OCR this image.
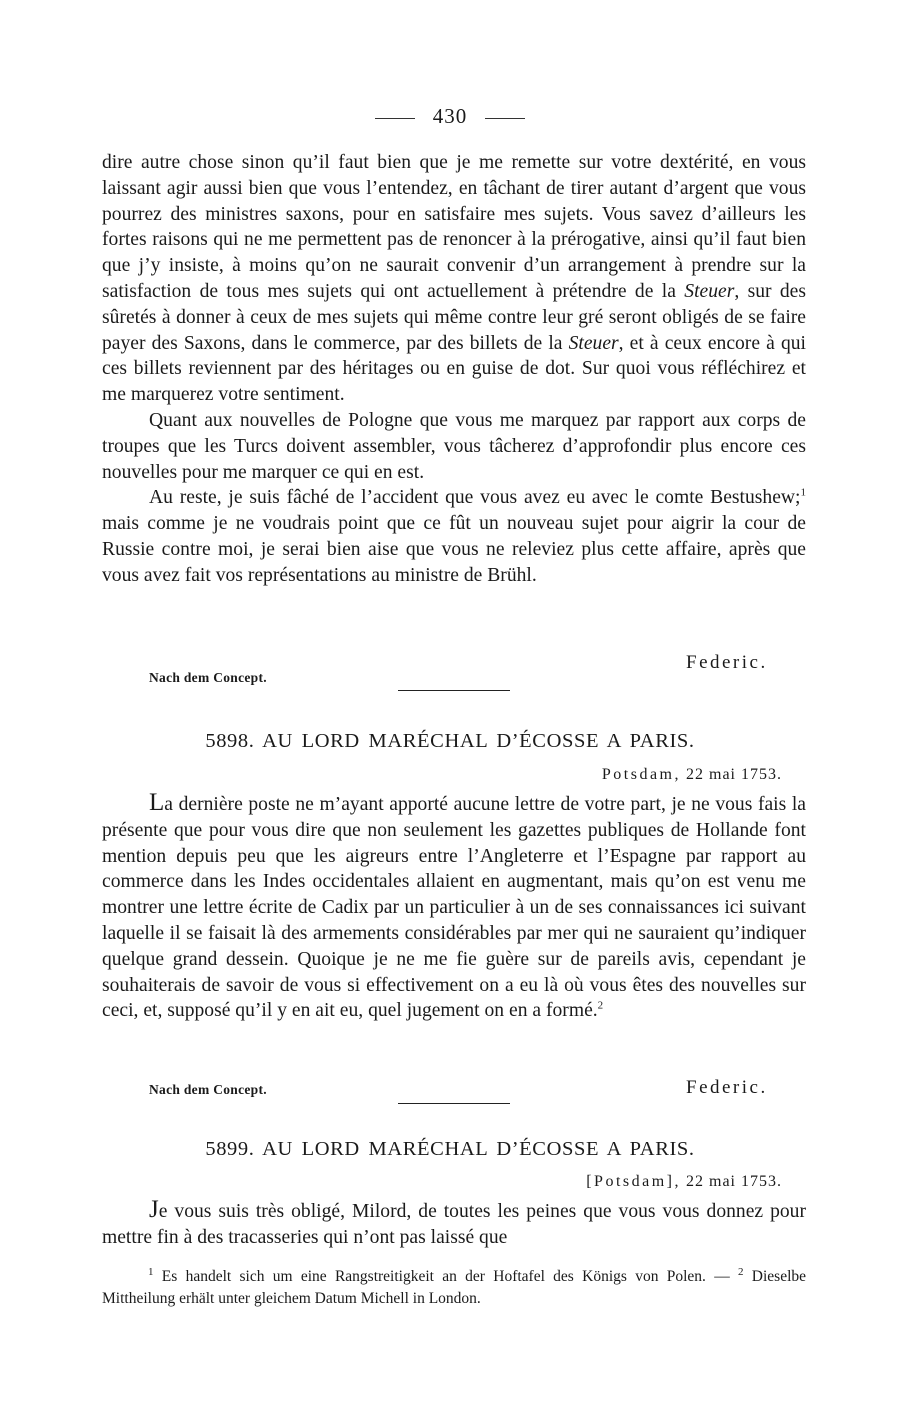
430

dire autre chose sinon qu’il faut bien que je me remette sur votre dextérité, en vous laissant agir aussi bien que vous l’entendez, en tâchant de tirer autant d’argent que vous pourrez des ministres saxons, pour en satisfaire mes sujets. Vous savez d’ailleurs les fortes raisons qui ne me permettent pas de renoncer à la prérogative, ainsi qu’il faut bien que j’y insiste, à moins qu’on ne saurait convenir d’un arrangement à prendre sur la satisfaction de tous mes sujets qui ont actuellement à prétendre de la Steuer, sur des sûretés à donner à ceux de mes sujets qui même contre leur gré seront obligés de se faire payer des Saxons, dans le commerce, par des billets de la Steuer, et à ceux encore à qui ces billets reviennent par des héritages ou en guise de dot. Sur quoi vous réfléchirez et me marquerez votre sentiment.

Quant aux nouvelles de Pologne que vous me marquez par rapport aux corps de troupes que les Turcs doivent assembler, vous tâcherez d’approfondir plus encore ces nouvelles pour me marquer ce qui en est.

Au reste, je suis fâché de l’accident que vous avez eu avec le comte Bestushew;$^1$ mais comme je ne voudrais point que ce fût un nouveau sujet pour aigrir la cour de Russie contre moi, je serai bien aise que vous ne releviez plus cette affaire, après que vous avez fait vos représentations au ministre de Brühl.

Federic.
Nach dem Concept.
5898. AU LORD MARÉCHAL D’ÉCOSSE A PARIS.
Potsdam, 22 mai 1753.

La dernière poste ne m’ayant apporté aucune lettre de votre part, je ne vous fais la présente que pour vous dire que non seulement les gazettes publiques de Hollande font mention depuis peu que les aigreurs entre l’Angleterre et l’Espagne par rapport au commerce dans les Indes occidentales allaient en augmentant, mais qu’on est venu me montrer une lettre écrite de Cadix par un particulier à un de ses connaissances ici suivant laquelle il se faisait là des armements considérables par mer qui ne sauraient qu’indiquer quelque grand dessein. Quoique je ne me fie guère sur de pareils avis, cependant je souhaiterais de savoir de vous si effectivement on a eu là où vous êtes des nouvelles sur ceci, et, supposé qu’il y en ait eu, quel jugement on en a formé.$^2$

Nach dem Concept.	Federic.
5899. AU LORD MARÉCHAL D’ÉCOSSE A PARIS.
[Potsdam], 22 mai 1753.

Je vous suis très obligé, Milord, de toutes les peines que vous vous donnez pour mettre fin à des tracasseries qui n’ont pas laissé que

$^1$ Es handelt sich um eine Rangstreitigkeit an der Hoftafel des Königs von Polen. — $^2$ Dieselbe Mittheilung erhält unter gleichem Datum Michell in London.
